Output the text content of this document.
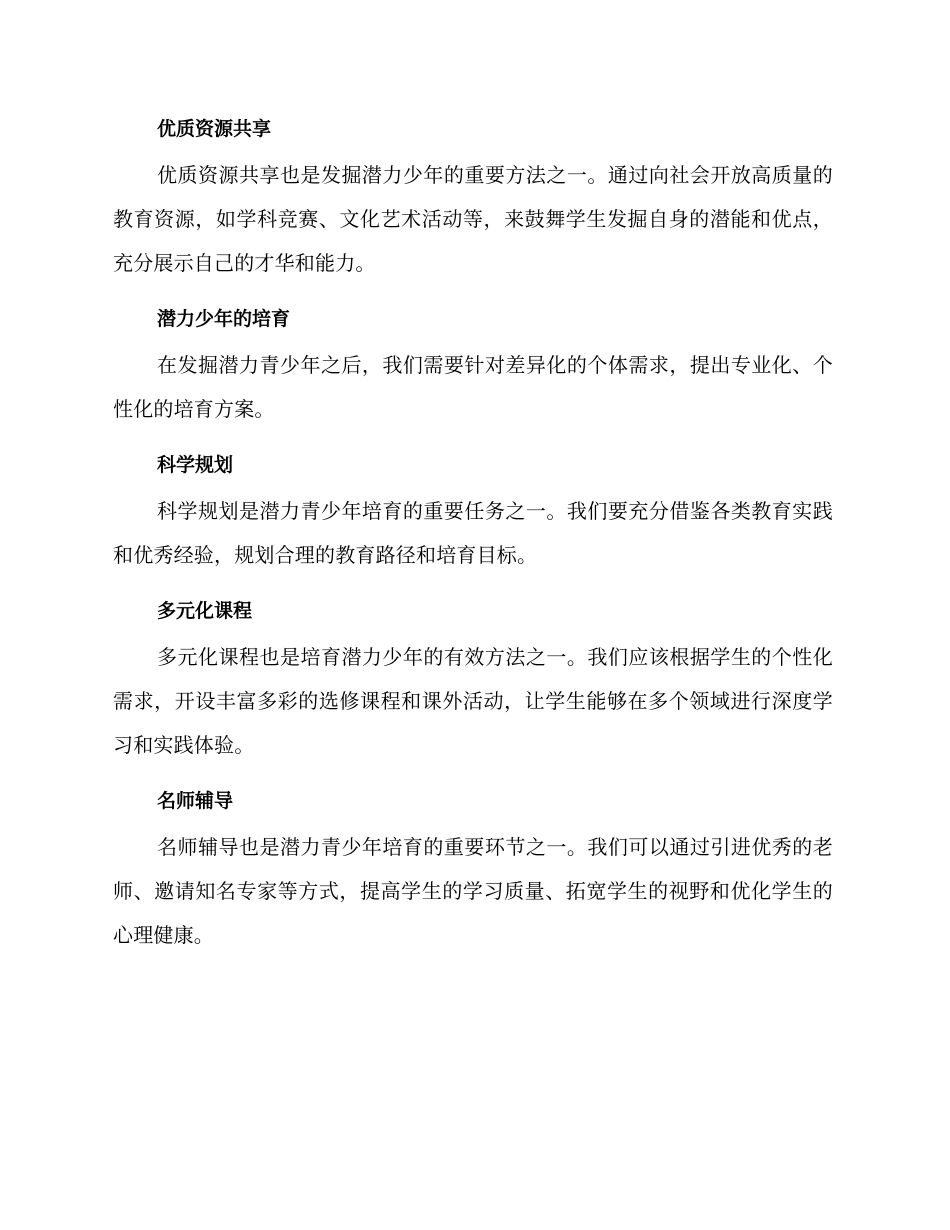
优质资源共享

优质资源共享也是发掘潜力少年的重要方法之一。通过向社会开放高质量的教育资源，如学科竞赛、文化艺术活动等，来鼓舞学生发掘自身的潜能和优点，充分展示自己的才华和能力。

潜力少年的培育

在发掘潜力青少年之后，我们需要针对差异化的个体需求，提出专业化、个性化的培育方案。

科学规划

科学规划是潜力青少年培育的重要任务之一。我们要充分借鉴各类教育实践和优秀经验，规划合理的教育路径和培育目标。

多元化课程

多元化课程也是培育潜力少年的有效方法之一。我们应该根据学生的个性化需求，开设丰富多彩的选修课程和课外活动，让学生能够在多个领域进行深度学习和实践体验。

名师辅导

名师辅导也是潜力青少年培育的重要环节之一。我们可以通过引进优秀的老师、邀请知名专家等方式，提高学生的学习质量、拓宽学生的视野和优化学生的心理健康。
